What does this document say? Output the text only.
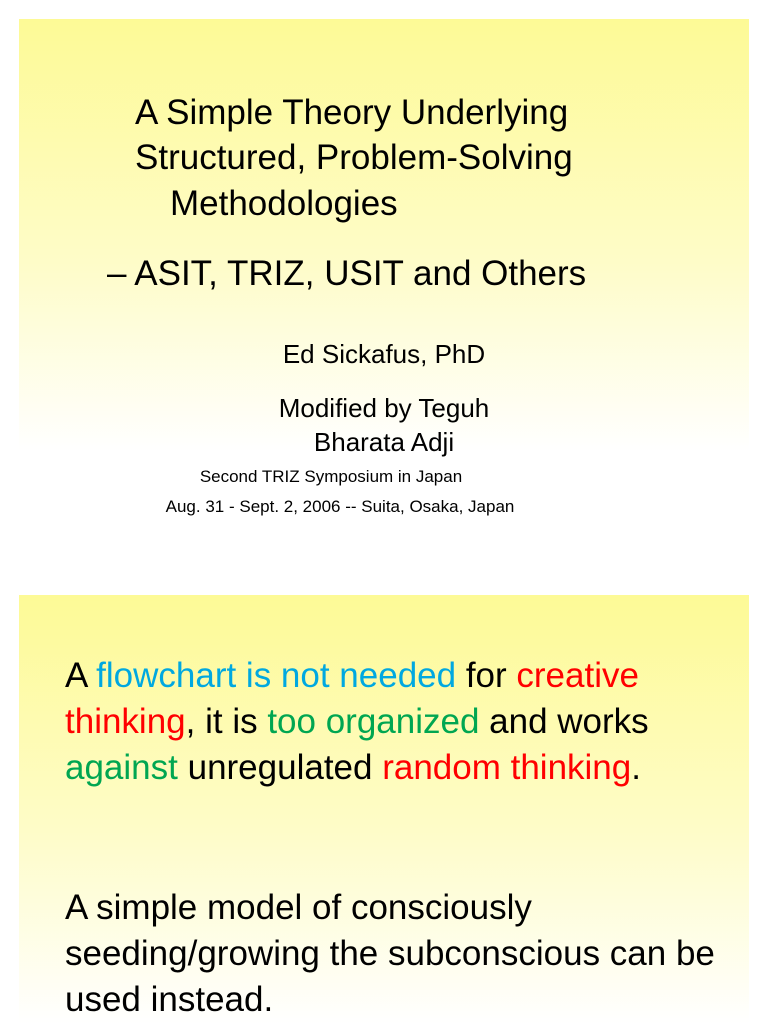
A Simple Theory Underlying
Structured, Problem-Solving
Methodologies
– ASIT, TRIZ, USIT and Others
Ed Sickafus, PhD
Modified by Teguh
Bharata Adji
Second TRIZ Symposium in Japan
Aug. 31 - Sept. 2, 2006 -- Suita, Osaka, Japan
A flowchart is not needed for creative thinking, it is too organized and works against unregulated random thinking.
A simple model of consciously seeding/growing the subconscious can be used instead.
